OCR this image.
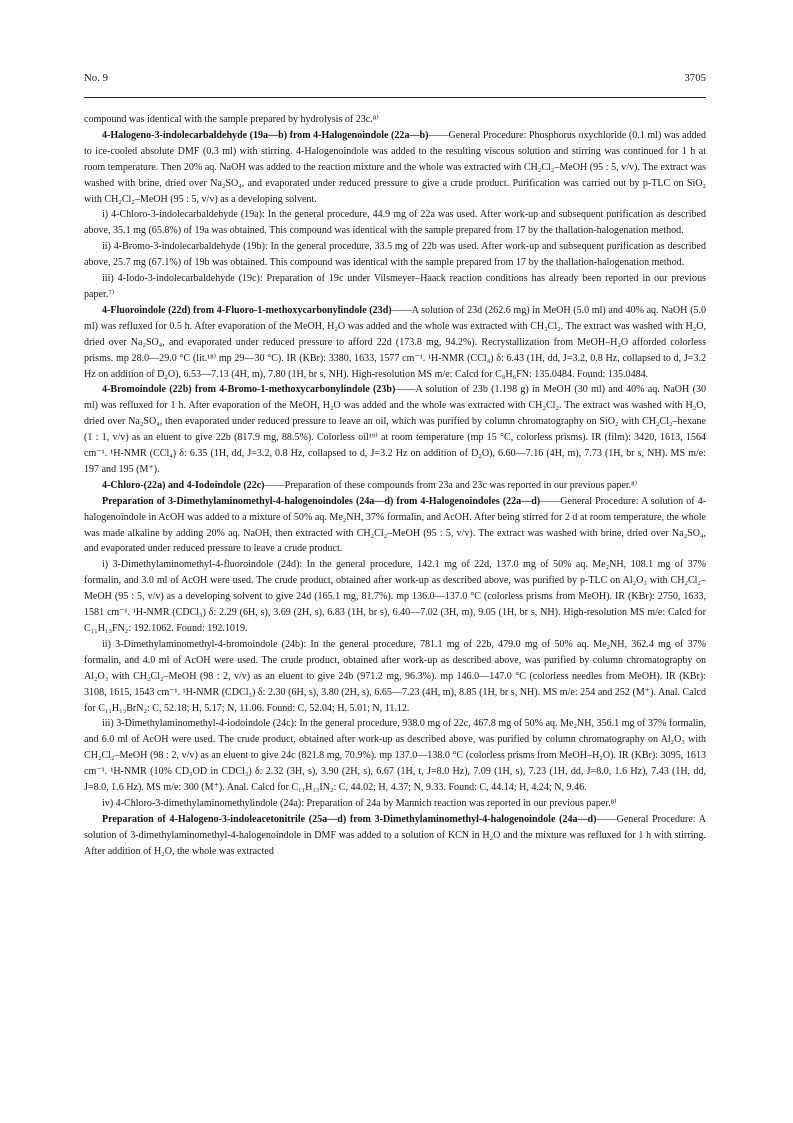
No. 9	3705

compound was identical with the sample prepared by hydrolysis of 23c.⁸⁾

4-Halogeno-3-indolecarbaldehyde (19a—b) from 4-Halogenoindole (22a—b)——General Procedure: Phosphorus oxychloride (0.1 ml) was added to ice-cooled absolute DMF (0.3 ml) with stirring. 4-Halogenoindole was added to the resulting viscous solution and stirring was continued for 1 h at room temperature. Then 20% aq. NaOH was added to the reaction mixture and the whole was extracted with CH₂Cl₂–MeOH (95 : 5, v/v). The extract was washed with brine, dried over Na₂SO₄, and evaporated under reduced pressure to give a crude product. Purification was carried out by p-TLC on SiO₂ with CH₂Cl₂–MeOH (95 : 5, v/v) as a developing solvent.

i) 4-Chloro-3-indolecarbaldehyde (19a): In the general procedure, 44.9 mg of 22a was used. After work-up and subsequent purification as described above, 35.1 mg (65.8%) of 19a was obtained. This compound was identical with the sample prepared from 17 by the thallation-halogenation method.

ii) 4-Bromo-3-indolecarbaldehyde (19b): In the general procedure, 33.5 mg of 22b was used. After work-up and subsequent purification as described above, 25.7 mg (67.1%) of 19b was obtained. This compound was identical with the sample prepared from 17 by the thallation-halogenation method.

iii) 4-Iodo-3-indolecarbaldehyde (19c): Preparation of 19c under Vilsmeyer–Haack reaction conditions has already been reported in our previous paper.⁷⁾

4-Fluoroindole (22d) from 4-Fluoro-1-methoxycarbonylindole (23d)——A solution of 23d (262.6 mg) in MeOH (5.0 ml) and 40% aq. NaOH (5.0 ml) was refluxed for 0.5 h. After evaporation of the MeOH, H₂O was added and the whole was extracted with CH₂Cl₂. The extract was washed with H₂O, dried over Na₂SO₄, and evaporated under reduced pressure to afford 22d (173.8 mg, 94.2%). Recrystallization from MeOH–H₂O afforded colorless prisms. mp 28.0—29.0 °C (lit.¹⁸⁾ mp 29—30 °C). IR (KBr): 3380, 1633, 1577 cm⁻¹. ¹H-NMR (CCl₄) δ: 6.43 (1H, dd, J=3.2, 0.8 Hz, collapsed to d, J=3.2 Hz on addition of D₂O), 6.53—7.13 (4H, m), 7.80 (1H, br s, NH). High-resolution MS m/e: Calcd for C₈H₆FN: 135.0484. Found: 135.0484.

4-Bromoindole (22b) from 4-Bromo-1-methoxycarbonylindole (23b)——A solution of 23b (1.198 g) in MeOH (30 ml) and 40% aq. NaOH (30 ml) was refluxed for 1 h. After evaporation of the MeOH, H₂O was added and the whole was extracted with CH₂Cl₂. The extract was washed with H₂O, dried over Na₂SO₄, then evaporated under reduced pressure to leave an oil, which was purified by column chromatography on SiO₂ with CH₂Cl₂–hexane (1 : 1, v/v) as an eluent to give 22b (817.9 mg, 88.5%). Colorless oil¹⁹⁾ at room temperature (mp 15 °C, colorless prisms). IR (film): 3420, 1613, 1564 cm⁻¹. ¹H-NMR (CCl₄) δ: 6.35 (1H, dd, J=3.2, 0.8 Hz, collapsed to d, J=3.2 Hz on addition of D₂O), 6.60—7.16 (4H, m), 7.73 (1H, br s, NH). MS m/e: 197 and 195 (M⁺).

4-Chloro-(22a) and 4-Iodoindole (22c)——Preparation of these compounds from 23a and 23c was reported in our previous paper.⁸⁾

Preparation of 3-Dimethylaminomethyl-4-halogenoindoles (24a—d) from 4-Halogenoindoles (22a—d)——General Procedure: A solution of 4-halogenoindole in AcOH was added to a mixture of 50% aq. Me₂NH, 37% formalin, and AcOH. After being stirred for 2 d at room temperature, the whole was made alkaline by adding 20% aq. NaOH, then extracted with CH₂Cl₂–MeOH (95 : 5, v/v). The extract was washed with brine, dried over Na₂SO₄, and evaporated under reduced pressure to leave a crude product.

i) 3-Dimethylaminomethyl-4-fluoroindole (24d): In the general procedure, 142.1 mg of 22d, 137.0 mg of 50% aq. Me₂NH, 108.1 mg of 37% formalin, and 3.0 ml of AcOH were used. The crude product, obtained after work-up as described above, was purified by p-TLC on Al₂O₃ with CH₂Cl₂–MeOH (95 : 5, v/v) as a developing solvent to give 24d (165.1 mg, 81.7%). mp 136.0—137.0 °C (colorless prisms from MeOH). IR (KBr): 2750, 1633, 1581 cm⁻¹. ¹H-NMR (CDCl₃) δ: 2.29 (6H, s), 3.69 (2H, s), 6.83 (1H, br s), 6.40—7.02 (3H, m), 9.05 (1H, br s, NH). High-resolution MS m/e: Calcd for C₁₁H₁₃FN₂: 192.1062. Found: 192.1019.

ii) 3-Dimethylaminomethyl-4-bromoindole (24b): In the general procedure, 781.1 mg of 22b, 479.0 mg of 50% aq. Me₂NH, 362.4 mg of 37% formalin, and 4.0 ml of AcOH were used. The crude product, obtained after work-up as described above, was purified by column chromatography on Al₂O₃ with CH₂Cl₂–MeOH (98 : 2, v/v) as an eluent to give 24b (971.2 mg, 96.3%). mp 146.0—147.0 °C (colorless needles from MeOH). IR (KBr): 3108, 1615, 1543 cm⁻¹. ¹H-NMR (CDCl₃) δ: 2.30 (6H, s), 3.80 (2H, s), 6.65—7.23 (4H, m), 8.85 (1H, br s, NH). MS m/e: 254 and 252 (M⁺). Anal. Calcd for C₁₁H₁₃BrN₂: C, 52.18; H, 5.17; N, 11.06. Found: C, 52.04; H, 5.01; N, 11.12.

iii) 3-Dimethylaminomethyl-4-iodoindole (24c): In the general procedure, 938.0 mg of 22c, 467.8 mg of 50% aq. Me₂NH, 356.1 mg of 37% formalin, and 6.0 ml of AcOH were used. The crude product, obtained after work-up as described above, was purified by column chromatography on Al₂O₃ with CH₂Cl₂–MeOH (98 : 2, v/v) as an eluent to give 24c (821.8 mg, 70.9%). mp 137.0—138.0 °C (colorless prisms from MeOH–H₂O). IR (KBr): 3095, 1613 cm⁻¹. ¹H-NMR (10% CD₃OD in CDCl₃) δ: 2.32 (3H, s), 3.90 (2H, s), 6.67 (1H, t, J=8.0 Hz), 7.09 (1H, s), 7.23 (1H, dd, J=8.0, 1.6 Hz), 7.43 (1H, dd, J=8.0, 1.6 Hz). MS m/e: 300 (M⁺). Anal. Calcd for C₁₁H₁₃IN₂: C, 44.02; H, 4.37; N, 9.33. Found: C, 44.14; H, 4.24; N, 9.46.

iv) 4-Chloro-3-dimethylaminomethylindole (24a): Preparation of 24a by Mannich reaction was reported in our previous paper.⁸⁾

Preparation of 4-Halogeno-3-indoleacetonitrile (25a—d) from 3-Dimethylaminomethyl-4-halogenoindole (24a—d)——General Procedure: A solution of 3-dimethylaminomethyl-4-halogenoindole in DMF was added to a solution of KCN in H₂O and the mixture was refluxed for 1 h with stirring. After addition of H₂O, the whole was extracted
